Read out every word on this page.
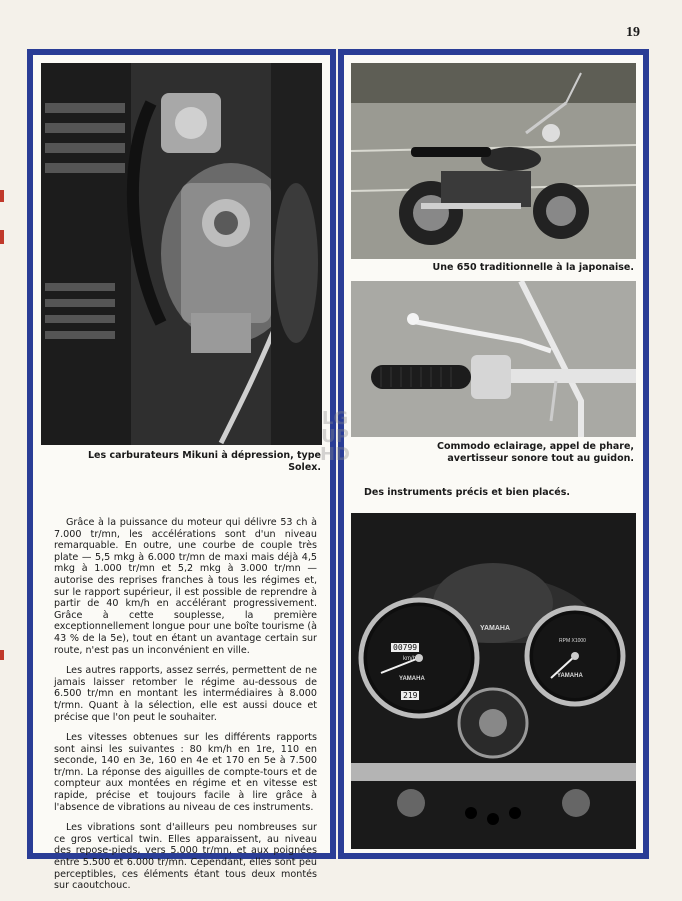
19
Les carburateurs Mikuni à dépression, type Solex.

Grâce à la puissance du moteur qui délivre 53 ch à 7.000 tr/mn, les accélérations sont d'un niveau remarquable. En outre, une courbe de couple très plate — 5,5 mkg à 6.000 tr/mn de maxi mais déjà 4,5 mkg à 1.000 tr/mn et 5,2 mkg à 3.000 tr/mn — autorise des reprises franches à tous les régimes et, sur le rapport supérieur, il est possible de reprendre à partir de 40 km/h en accélérant progressivement. Grâce à cette souplesse, la première exceptionnellement longue pour une boîte tourisme (à 43 % de la 5e), tout en étant un avantage certain sur route, n'est pas un inconvénient en ville.

Les autres rapports, assez serrés, permettent de ne jamais laisser retomber le régime au-dessous de 6.500 tr/mn en montant les intermédiaires à 8.000 t/rmn. Quant à la sélection, elle est aussi douce et précise que l'on peut le souhaiter.

Les vitesses obtenues sur les différents rapports sont ainsi les suivantes : 80 km/h en 1re, 110 en seconde, 140 en 3e, 160 en 4e et 170 en 5e à 7.500 tr/mn. La réponse des aiguilles de compte-tours et de compteur aux montées en régime et en vitesse est rapide, précise et toujours facile à lire grâce à l'absence de vibrations au niveau de ces instruments.

Les vibrations sont d'ailleurs peu nombreuses sur ce gros vertical twin. Elles apparaissent, au niveau des repose-pieds, vers 5.000 tr/mn, et aux poignées entre 5.500 et 6.000 tr/mn. Cependant, elles sont peu perceptibles, ces éléments étant tous deux montés sur caoutchouc.

Une 650 traditionnelle à la japonaise.
Commodo eclairage, appel de phare,
avertisseur sonore tout au guidon.
Des instruments précis et bien placés.
YAMAHA
km/h
00799
YAMAHA
219
RPM X1000
YAMAHA
LG
UP
HD
